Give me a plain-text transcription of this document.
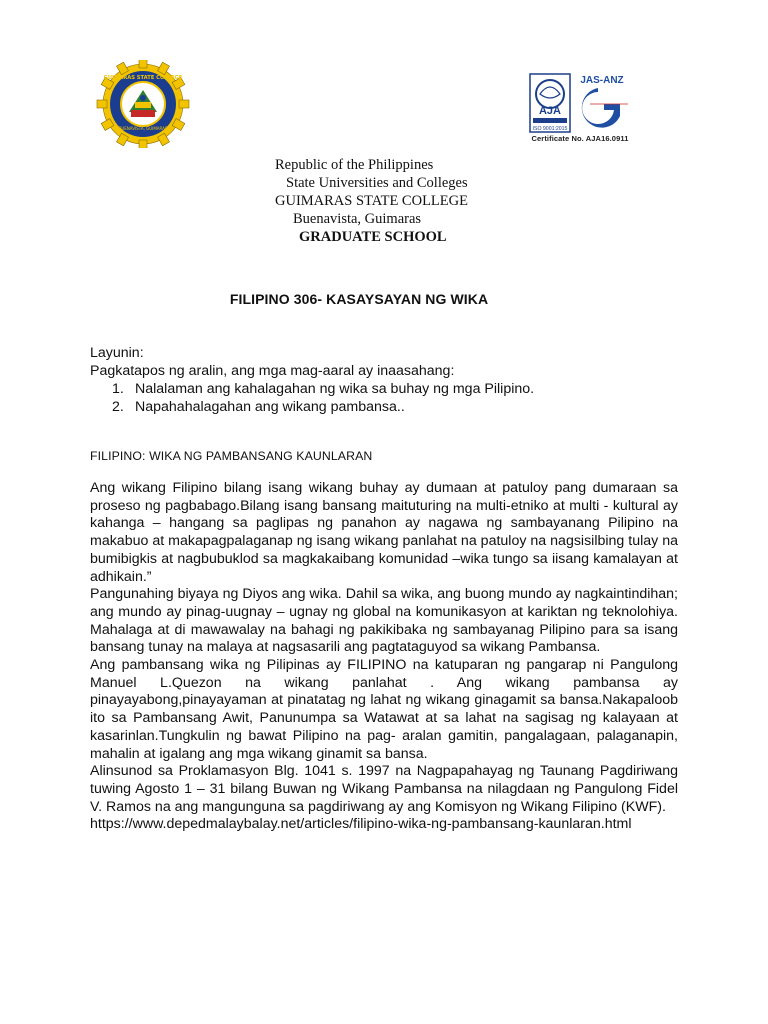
BUENAVISTA, GUIMARAS
GUIMARAS STATE COLLEGE
AJA
ISO 9001:2015
JAS-ANZ
Certificate No. AJA16.0911
Republic of the Philippines
State Universities and Colleges
GUIMARAS STATE COLLEGE
Buenavista, Guimaras
GRADUATE SCHOOL
FILIPINO 306- KASAYSAYAN NG WIKA
Layunin:
Pagkatapos ng aralin, ang mga mag-aaral ay inaasahang:
1. Nalalaman ang kahalagahan ng wika sa buhay ng mga Pilipino.
2. Napahahalagahan ang wikang pambansa..
FILIPINO: WIKA NG PAMBANSANG KAUNLARAN

Ang wikang Filipino bilang isang wikang buhay ay dumaan at patuloy pang dumaraan sa proseso ng pagbabago.Bilang isang bansang maituturing na multi-etniko at multi - kultural ay kahanga – hangang sa paglipas ng panahon ay nagawa ng sambayanang Pilipino na makabuo at makapagpalaganap ng isang wikang panlahat na patuloy na nagsisilbing tulay na bumibigkis at nagbubuklod sa magkakaibang komunidad –wika tungo sa iisang kamalayan at adhikain.”

Pangunahing biyaya ng Diyos ang wika. Dahil sa wika, ang buong mundo ay nagkaintindihan; ang mundo ay pinag-uugnay – ugnay ng global na komunikasyon at kariktan ng teknolohiya. Mahalaga at di mawawalay na bahagi ng pakikibaka ng sambayanag Pilipino para sa isang bansang tunay na malaya at nagsasarili ang pagtataguyod sa wikang Pambansa.

Ang pambansang wika ng Pilipinas ay FILIPINO na katuparan ng pangarap ni Pangulong Manuel L.Quezon na wikang panlahat . Ang wikang pambansa ay pinayayabong,pinayayaman at pinatatag ng lahat ng wikang ginagamit sa bansa.Nakapaloob ito sa Pambansang Awit, Panunumpa sa Watawat at sa lahat na sagisag ng kalayaan at kasarinlan.Tungkulin ng bawat Pilipino na pag- aralan gamitin, pangalagaan, palaganapin, mahalin at igalang ang mga wikang ginamit sa bansa.

Alinsunod sa Proklamasyon Blg. 1041 s. 1997 na Nagpapahayag ng Taunang Pagdiriwang tuwing Agosto 1 – 31 bilang Buwan ng Wikang Pambansa na nilagdaan ng Pangulong Fidel V. Ramos na ang mangunguna sa pagdiriwang ay ang Komisyon ng Wikang Filipino (KWF).

https://www.depedmalaybalay.net/articles/filipino-wika-ng-pambansang-kaunlaran.html
